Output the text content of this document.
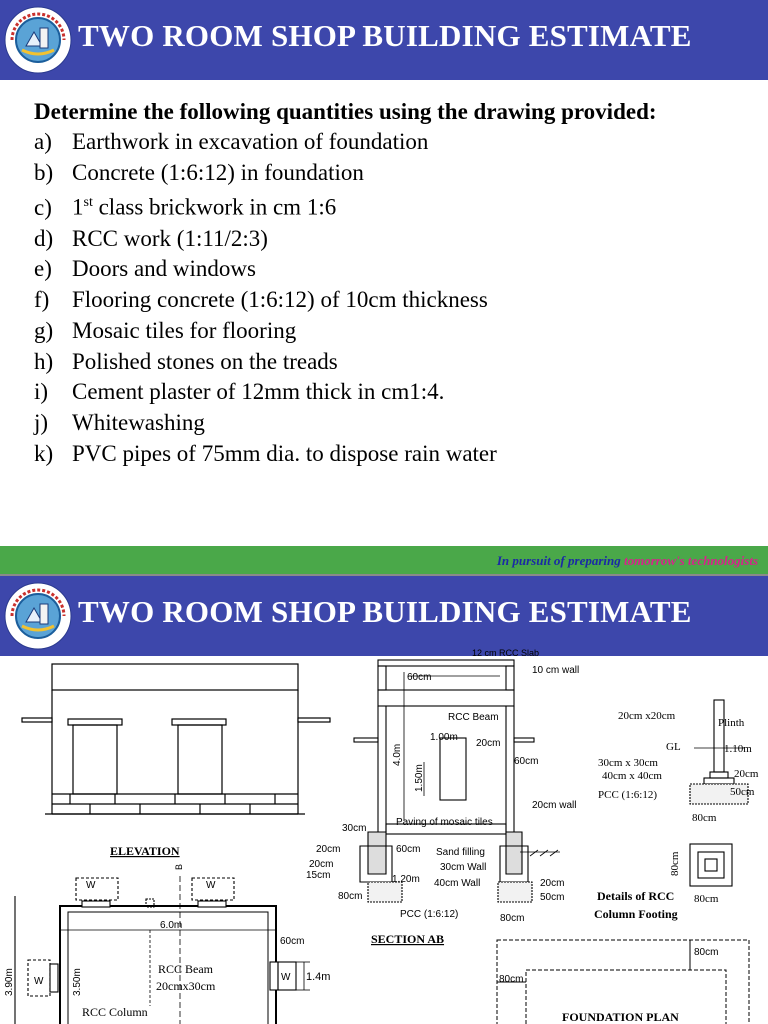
TWO ROOM SHOP BUILDING ESTIMATE
Determine the following quantities using the drawing provided:
a) Earthwork in excavation of foundation
b) Concrete (1:6:12) in foundation
c) 1st class brickwork in cm 1:6
d) RCC work (1:11/2:3)
e) Doors and windows
f) Flooring concrete (1:6:12) of 10cm thickness
g) Mosaic tiles for flooring
h) Polished stones on the treads
i) Cement plaster of 12mm thick in cm1:4.
j) Whitewashing
k) PVC pipes of 75mm dia. to dispose rain water
In pursuit of preparing tomorrow's technologists
TWO ROOM SHOP BUILDING ESTIMATE
ELEVATION
W	W
W	W
6.0m
60cm
RCC Beam
20cmx30cm
1.4m
RCC Column
B
3.90m	3.50m
12 cm RCC Slab
10 cm wall
60cm
RCC Beam
1.00m
20cm
4.0m
1.50m
60cm
20cm wall
Paving of mosaic tiles
30cm
20cm
20cm
15cm
60cm Sand filling
30cm Wall
1.20m 40cm Wall
80cm
20cm
50cm
80cm
PCC (1:6:12)
SECTION AB
20cm x20cm
Plinth
GL	1.10m
30cm x 30cm
40cm x 40cm	20cm
PCC (1:6:12)	50cm
80cm
80cm
80cm
Details of RCC
Column Footing
80cm
80cm
FOUNDATION PLAN
